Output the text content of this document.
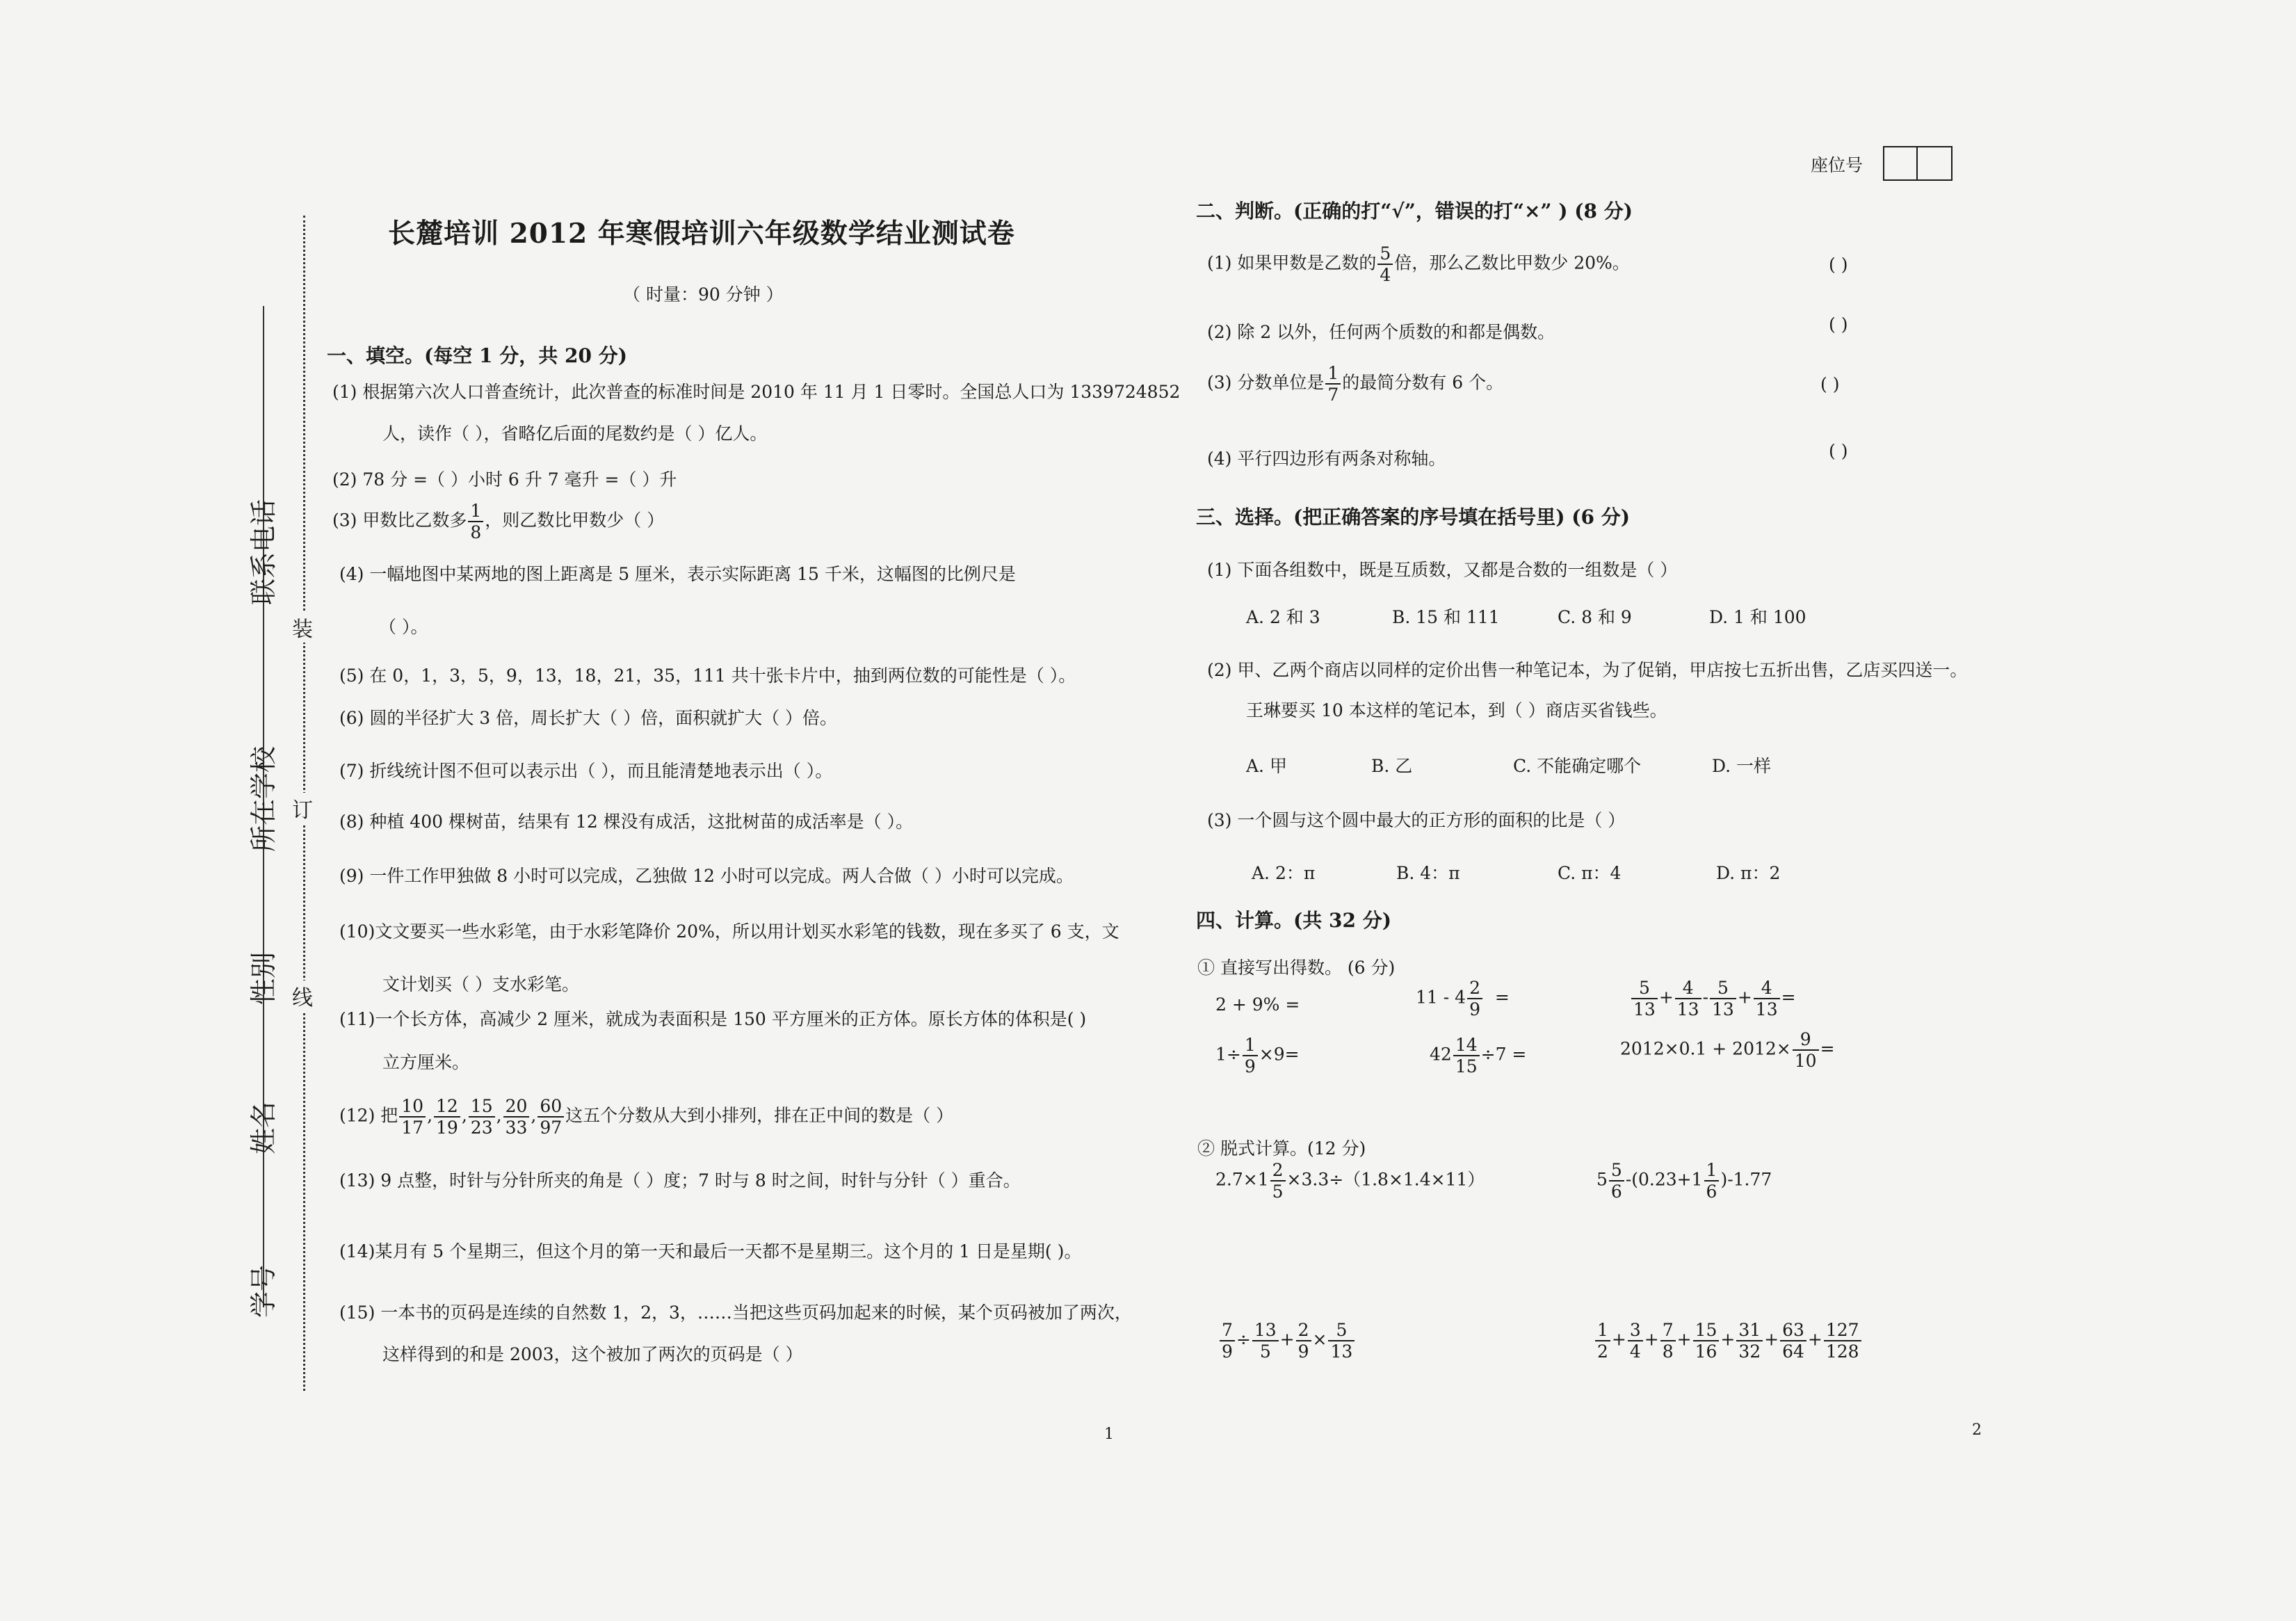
联系电话
所在学校
性别
姓名
学号
装
订
线
长麓培训 2012 年寒假培训六年级数学结业测试卷
（ 时量：90 分钟 ）
一、填空。(每空 1 分，共 20 分)
(1) 根据第六次人口普查统计，此次普查的标准时间是 2010 年 11 月 1 日零时。全国总人口为 1339724852
人，读作（ ），省略亿后面的尾数约是（ ）亿人。
(2) 78 分 =（ ）小时 6 升 7 毫升 =（ ）升
(3) 甲数比乙数多 $\frac{1}{8}$ ，则乙数比甲数少（ ）
(4) 一幅地图中某两地的图上距离是 5 厘米，表示实际距离 15 千米，这幅图的比例尺是
（ ）。
(5) 在 0，1，3，5，9，13，18，21，35，111 共十张卡片中，抽到两位数的可能性是（ ）。
(6) 圆的半径扩大 3 倍，周长扩大（ ）倍，面积就扩大（ ）倍。
(7) 折线统计图不但可以表示出（ ），而且能清楚地表示出（ ）。
(8) 种植 400 棵树苗，结果有 12 棵没有成活，这批树苗的成活率是（ ）。
(9) 一件工作甲独做 8 小时可以完成，乙独做 12 小时可以完成。两人合做（ ）小时可以完成。
(10)文文要买一些水彩笔，由于水彩笔降价 20%，所以用计划买水彩笔的钱数，现在多买了 6 支，文
文计划买（ ）支水彩笔。
(11)一个长方体，高减少 2 厘米，就成为表面积是 150 平方厘米的正方体。原长方体的体积是( )
立方厘米。
(12) 把 $\frac{10}{17}$ , $\frac{12}{19}$ , $\frac{15}{23}$ , $\frac{20}{33}$ , $\frac{60}{97}$ 这五个分数从大到小排列，排在正中间的数是（ ）
(13) 9 点整，时针与分针所夹的角是（ ）度；7 时与 8 时之间，时针与分针（ ）重合。
(14)某月有 5 个星期三，但这个月的第一天和最后一天都不是星期三。这个月的 1 日是星期( )。
(15) 一本书的页码是连续的自然数 1，2，3，……当把这些页码加起来的时候，某个页码被加了两次，
这样得到的和是 2003，这个被加了两次的页码是（ ）
1
座位号
二、判断。(正确的打“√”，错误的打“×” ) (8 分)
(1) 如果甲数是乙数的 $\frac{5}{4}$ 倍，那么乙数比甲数少 20%。	( )
(2) 除 2 以外，任何两个质数的和都是偶数。	( )
(3) 分数单位是 $\frac{1}{7}$ 的最简分数有 6 个。	( )
(4) 平行四边形有两条对称轴。	( )
三、选择。(把正确答案的序号填在括号里) (6 分)
(1) 下面各组数中，既是互质数，又都是合数的一组数是（ ）
A. 2 和 3	B. 15 和 111	C. 8 和 9	D. 1 和 100
(2) 甲、乙两个商店以同样的定价出售一种笔记本，为了促销，甲店按七五折出售，乙店买四送一。
王琳要买 10 本这样的笔记本，到（ ）商店买省钱些。
A. 甲	B. 乙	C. 不能确定哪个	D. 一样
(3) 一个圆与这个圆中最大的正方形的面积的比是（ ）
A. 2：π	B. 4：π	C. π：4	D. π：2
四、计算。(共 32 分)
① 直接写出得数。 (6 分)
2 + 9% =	$11 - 4 \frac{2}{9}$ =	$\frac{5}{13} + \frac{4}{13} - \frac{5}{13} + \frac{4}{13}$ =
$1\div \frac{1}{9} \times 9=$	$42 \frac{14}{15} \div 7$ =	$2012\times 0.1 + 2012\times \frac{9}{10}$ =
② 脱式计算。(12 分)
$2.7\times 1 \frac{2}{5} \times 3.3\div(1.8\times 1.4\times 11)$	$5 \frac{5}{6} -(0.23+1 \frac{1}{6} )-1.77$
$\frac{7}{9} \div \frac{13}{5} + \frac{2}{9} \times \frac{5}{13}$	$\frac{1}{2} + \frac{3}{4} + \frac{7}{8} + \frac{15}{16} + \frac{31}{32} + \frac{63}{64} + \frac{127}{128}$
2
